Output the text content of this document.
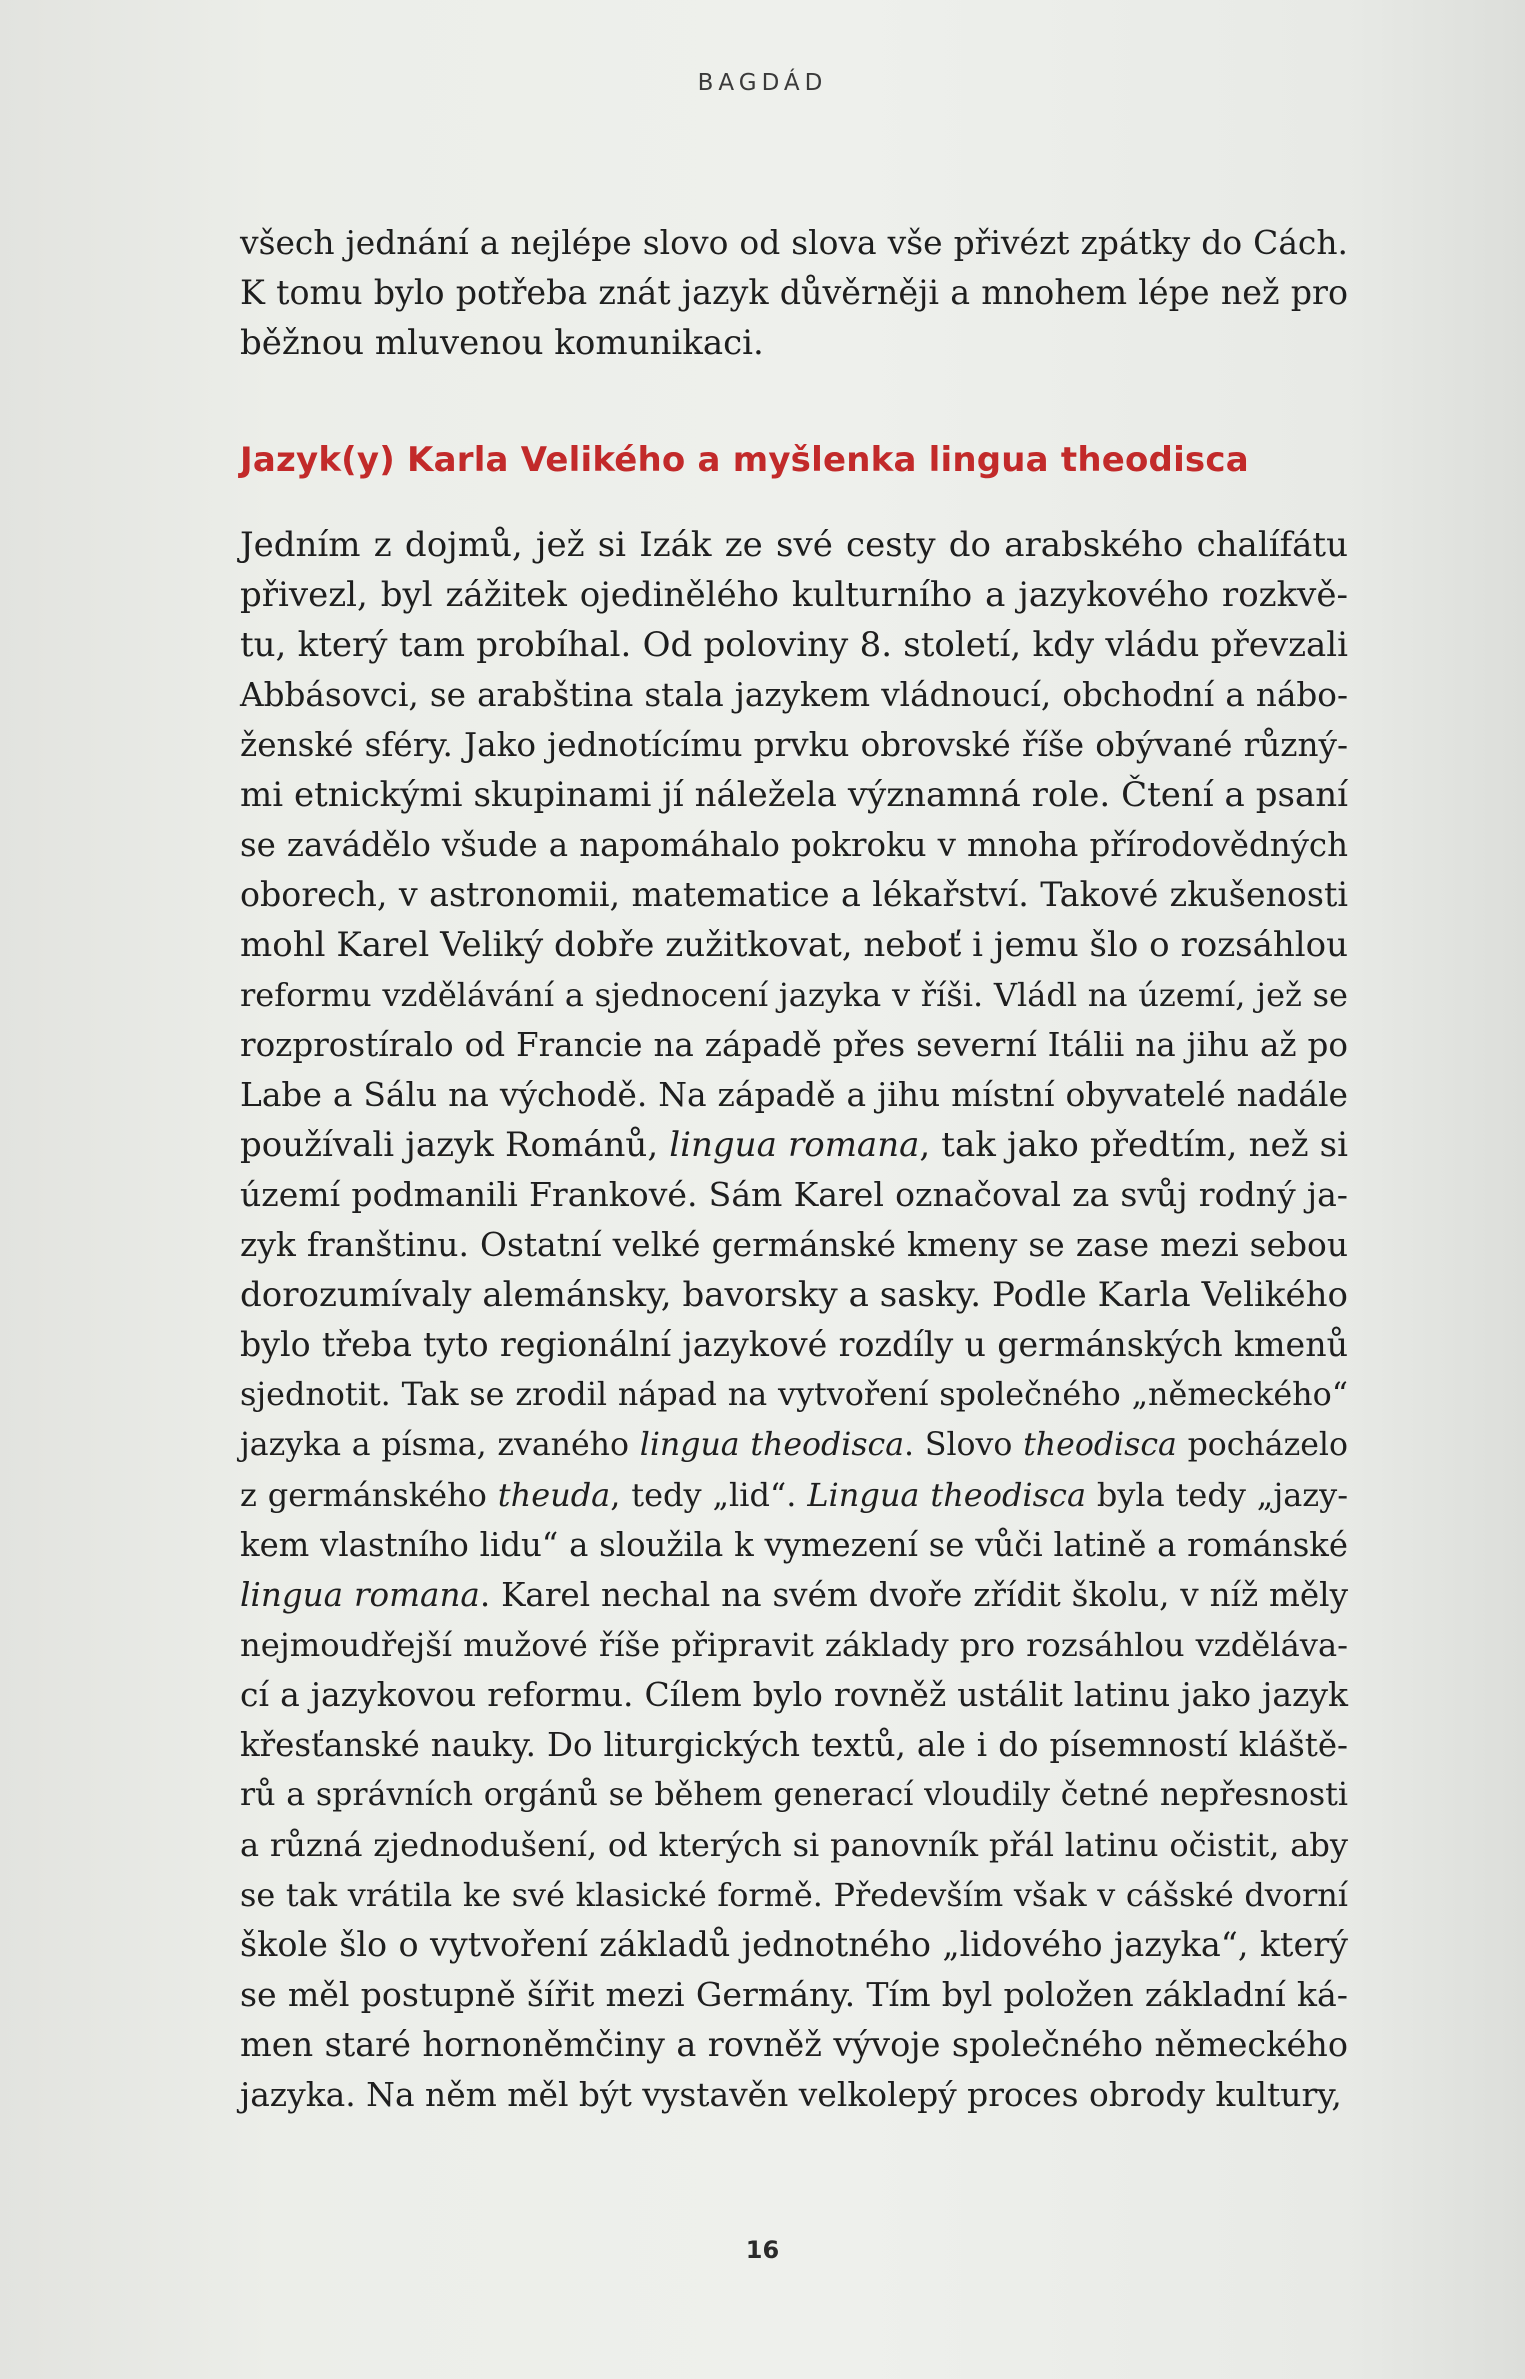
BAGDÁD
všech jednání a nejlépe slovo od slova vše přivézt zpátky do Cách.
K tomu bylo potřeba znát jazyk důvěrněji a mnohem lépe než pro
běžnou mluvenou komunikaci.
Jazyk(y) Karla Velikého a myšlenka lingua theodisca
Jedním z dojmů, jež si Izák ze své cesty do arabského chalífátu
přivezl, byl zážitek ojedinělého kulturního a jazykového rozkvě-
tu, který tam probíhal. Od poloviny 8. století, kdy vládu převzali
Abbásovci, se arabština stala jazykem vládnoucí, obchodní a nábo-
ženské sféry. Jako jednotícímu prvku obrovské říše obývané různý-
mi etnickými skupinami jí náležela významná role. Čtení a psaní
se zavádělo všude a napomáhalo pokroku v mnoha přírodovědných
oborech, v astronomii, matematice a lékařství. Takové zkušenosti
mohl Karel Veliký dobře zužitkovat, neboť i jemu šlo o rozsáhlou
reformu vzdělávání a sjednocení jazyka v říši. Vládl na území, jež se
rozprostíralo od Francie na západě přes severní Itálii na jihu až po
Labe a Sálu na východě. Na západě a jihu místní obyvatelé nadále
používali jazyk Románů, lingua romana, tak jako předtím, než si
území podmanili Frankové. Sám Karel označoval za svůj rodný ja-
zyk franštinu. Ostatní velké germánské kmeny se zase mezi sebou
dorozumívaly alemánsky, bavorsky a sasky. Podle Karla Velikého
bylo třeba tyto regionální jazykové rozdíly u germánských kmenů
sjednotit. Tak se zrodil nápad na vytvoření společného „německého“
jazyka a písma, zvaného lingua theodisca. Slovo theodisca pocházelo
z germánského theuda, tedy „lid“. Lingua theodisca byla tedy „jazy-
kem vlastního lidu“ a sloužila k vymezení se vůči latině a románské
lingua romana. Karel nechal na svém dvoře zřídit školu, v níž měly
nejmoudřejší mužové říše připravit základy pro rozsáhlou vzděláva-
cí a jazykovou reformu. Cílem bylo rovněž ustálit latinu jako jazyk
křesťanské nauky. Do liturgických textů, ale i do písemností kláště-
rů a správních orgánů se během generací vloudily četné nepřesnosti
a různá zjednodušení, od kterých si panovník přál latinu očistit, aby
se tak vrátila ke své klasické formě. Především však v cášské dvorní
škole šlo o vytvoření základů jednotného „lidového jazyka“, který
se měl postupně šířit mezi Germány. Tím byl položen základní ká-
men staré hornoněmčiny a rovněž vývoje společného německého
jazyka. Na něm měl být vystavěn velkolepý proces obrody kultury,
16
